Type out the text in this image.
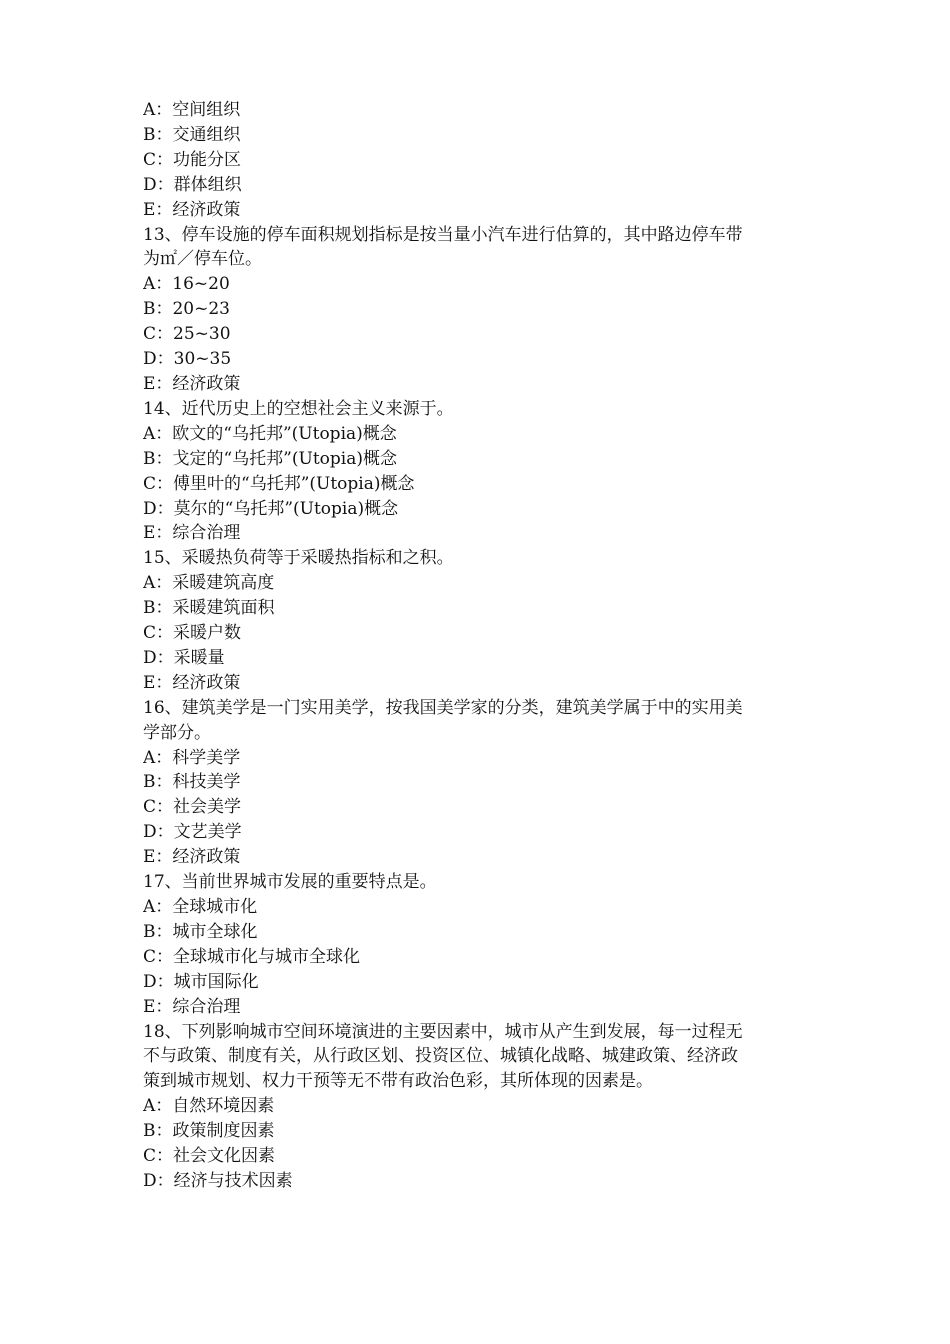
A：空间组织
B：交通组织
C：功能分区
D：群体组织
E：经济政策
13、停车设施的停车面积规划指标是按当量小汽车进行估算的，其中路边停车带
为㎡／停车位。
A：16~20
B：20~23
C：25~30
D：30~35
E：经济政策
14、近代历史上的空想社会主义来源于。
A：欧文的“乌托邦”(Utopia)概念
B：戈定的“乌托邦”(Utopia)概念
C：傅里叶的“乌托邦”(Utopia)概念
D：莫尔的“乌托邦”(Utopia)概念
E：综合治理
15、采暖热负荷等于采暖热指标和之积。
A：采暖建筑高度
B：采暖建筑面积
C：采暖户数
D：采暖量
E：经济政策
16、建筑美学是一门实用美学，按我国美学家的分类，建筑美学属于中的实用美
学部分。
A：科学美学
B：科技美学
C：社会美学
D：文艺美学
E：经济政策
17、当前世界城市发展的重要特点是。
A：全球城市化
B：城市全球化
C：全球城市化与城市全球化
D：城市国际化
E：综合治理
18、下列影响城市空间环境演进的主要因素中，城市从产生到发展，每一过程无
不与政策、制度有关，从行政区划、投资区位、城镇化战略、城建政策、经济政
策到城市规划、权力干预等无不带有政治色彩，其所体现的因素是。
A：自然环境因素
B：政策制度因素
C：社会文化因素
D：经济与技术因素
